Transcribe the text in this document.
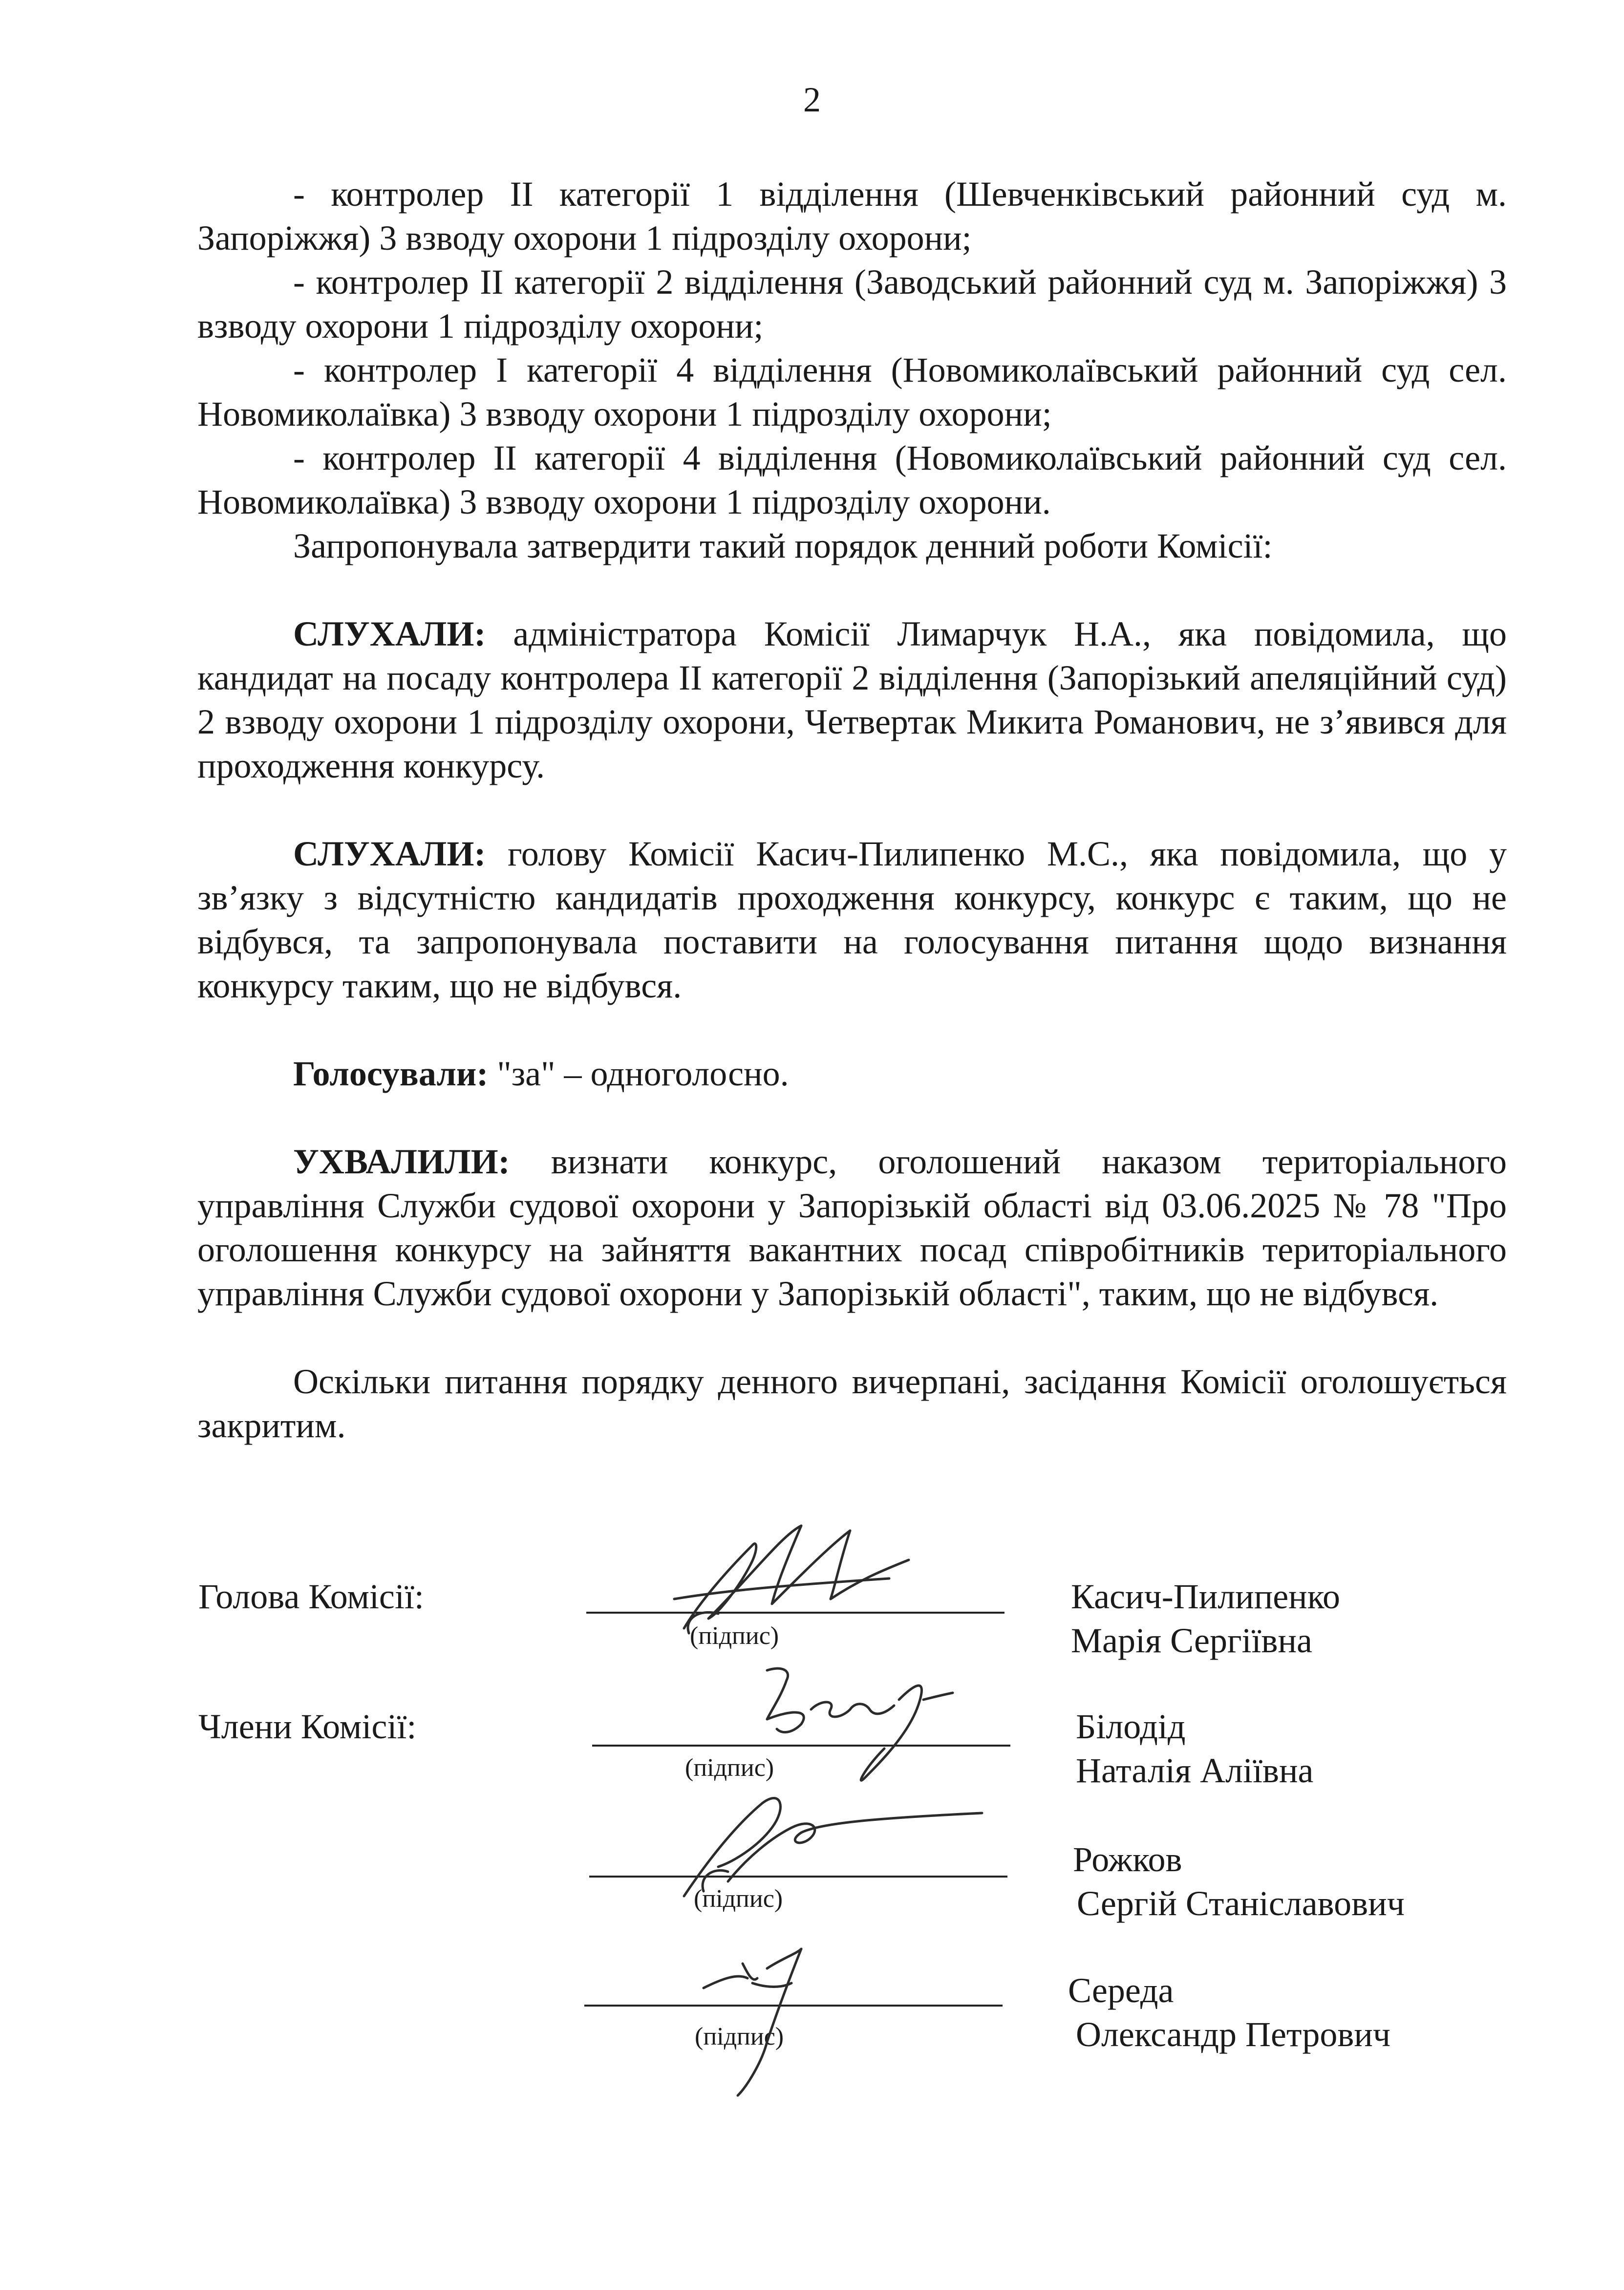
2

- контролер ІІ категорії 1 відділення (Шевченківський районний суд м. Запоріжжя) 3 взводу охорони 1 підрозділу охорони;

- контролер ІІ категорії 2 відділення (Заводський районний суд м. Запоріжжя) 3 взводу охорони 1 підрозділу охорони;

- контролер І категорії 4 відділення (Новомиколаївський районний суд сел. Новомиколаївка) 3 взводу охорони 1 підрозділу охорони;

- контролер ІІ категорії 4 відділення (Новомиколаївський районний суд сел. Новомиколаївка) 3 взводу охорони 1 підрозділу охорони.

Запропонувала затвердити такий порядок денний роботи Комісії:

СЛУХАЛИ: адміністратора Комісії Лимарчук Н.А., яка повідомила, що кандидат на посаду контролера ІІ категорії 2 відділення (Запорізький апеляційний суд) 2 взводу охорони 1 підрозділу охорони, Четвертак Микита Романович, не з’явився для проходження конкурсу.

СЛУХАЛИ: голову Комісії Касич-Пилипенко М.С., яка повідомила, що у зв’язку з відсутністю кандидатів проходження конкурсу, конкурс є таким, що не відбувся, та запропонувала поставити на голосування питання щодо визнання конкурсу таким, що не відбувся.

Голосували: "за" – одноголосно.

УХВАЛИЛИ: визнати конкурс, оголошений наказом територіального управління Служби судової охорони у Запорізькій області від 03.06.2025 № 78 "Про оголошення конкурсу на зайняття вакантних посад співробітників територіального управління Служби судової охорони у Запорізькій області", таким, що не відбувся.

Оскільки питання порядку денного вичерпані, засідання Комісії оголошується закритим.

Голова Комісії:
(підпис)
Касич-Пилипенко
Марія Сергіївна
Члени Комісії:
(підпис)
Білодід
Наталія Аліївна
(підпис)
Рожков
Сергій Станіславович
(підпис)
Середа
Олександр Петрович
